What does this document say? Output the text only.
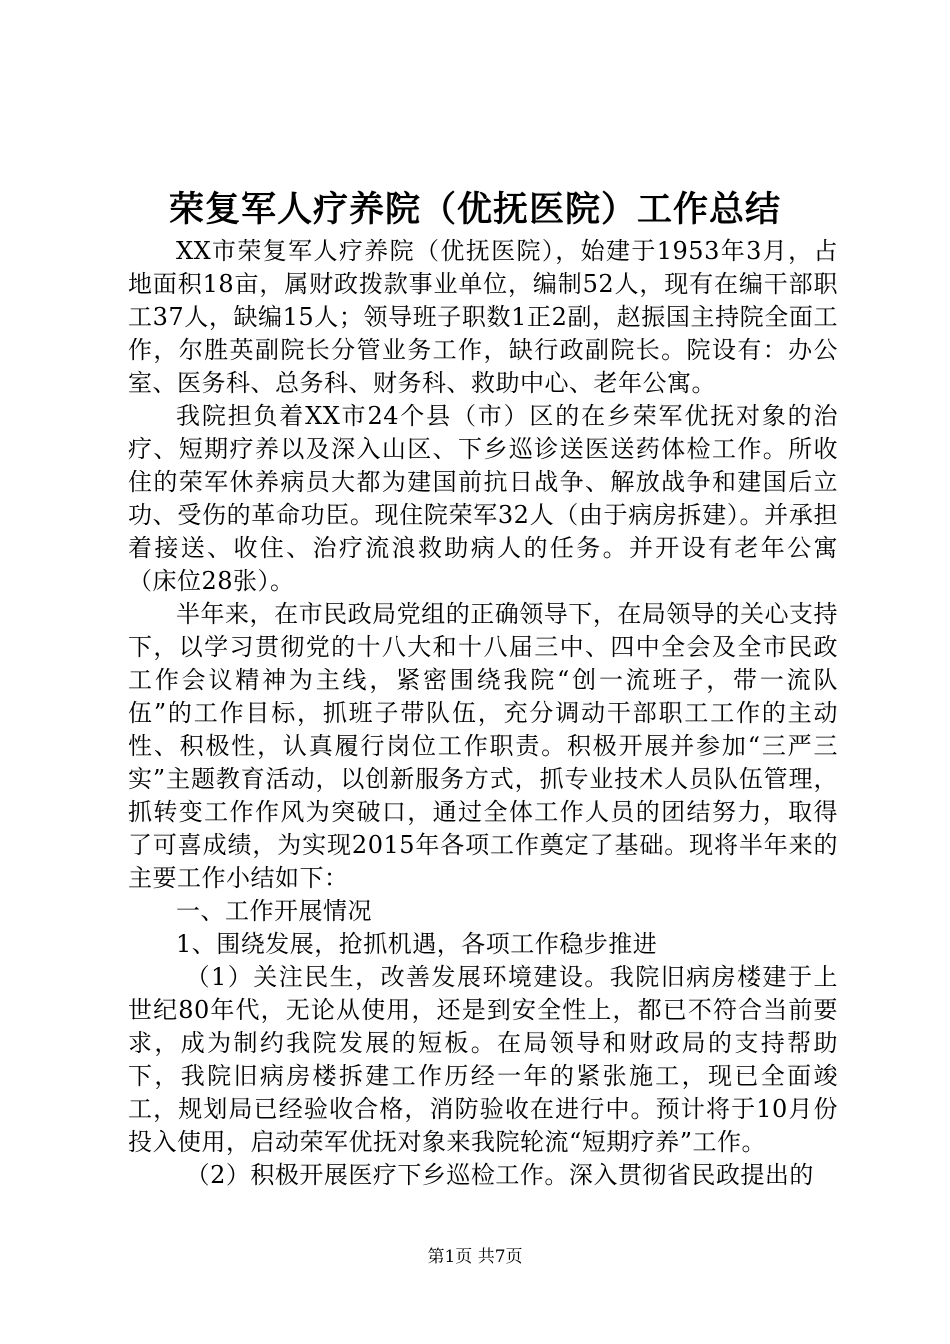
荣复军人疗养院（优抚医院）工作总结

XX市荣复军人疗养院（优抚医院），始建于1953年3月，占地面积18亩，属财政拨款事业单位，编制52人，现有在编干部职工37人，缺编15人；领导班子职数1正2副，赵振国主持院全面工作，尔胜英副院长分管业务工作，缺行政副院长。院设有：办公室、医务科、总务科、财务科、救助中心、老年公寓。

我院担负着XX市24个县（市）区的在乡荣军优抚对象的治疗、短期疗养以及深入山区、下乡巡诊送医送药体检工作。所收住的荣军休养病员大都为建国前抗日战争、解放战争和建国后立功、受伤的革命功臣。现住院荣军32人（由于病房拆建）。并承担着接送、收住、治疗流浪救助病人的任务。并开设有老年公寓（床位28张）。

半年来，在市民政局党组的正确领导下，在局领导的关心支持下，以学习贯彻党的十八大和十八届三中、四中全会及全市民政工作会议精神为主线，紧密围绕我院“创一流班子，带一流队伍”的工作目标，抓班子带队伍，充分调动干部职工工作的主动性、积极性，认真履行岗位工作职责。积极开展并参加“三严三实”主题教育活动，以创新服务方式，抓专业技术人员队伍管理，抓转变工作作风为突破口，通过全体工作人员的团结努力，取得了可喜成绩，为实现2015年各项工作奠定了基础。现将半年来的主要工作小结如下：

一、工作开展情况

1、围绕发展，抢抓机遇，各项工作稳步推进

（1）关注民生，改善发展环境建设。我院旧病房楼建于上世纪80年代，无论从使用，还是到安全性上，都已不符合当前要求，成为制约我院发展的短板。在局领导和财政局的支持帮助下，我院旧病房楼拆建工作历经一年的紧张施工，现已全面竣工，规划局已经验收合格，消防验收在进行中。预计将于10月份投入使用，启动荣军优抚对象来我院轮流“短期疗养”工作。

（2）积极开展医疗下乡巡检工作。深入贯彻省民政提出的

第1页 共7页
